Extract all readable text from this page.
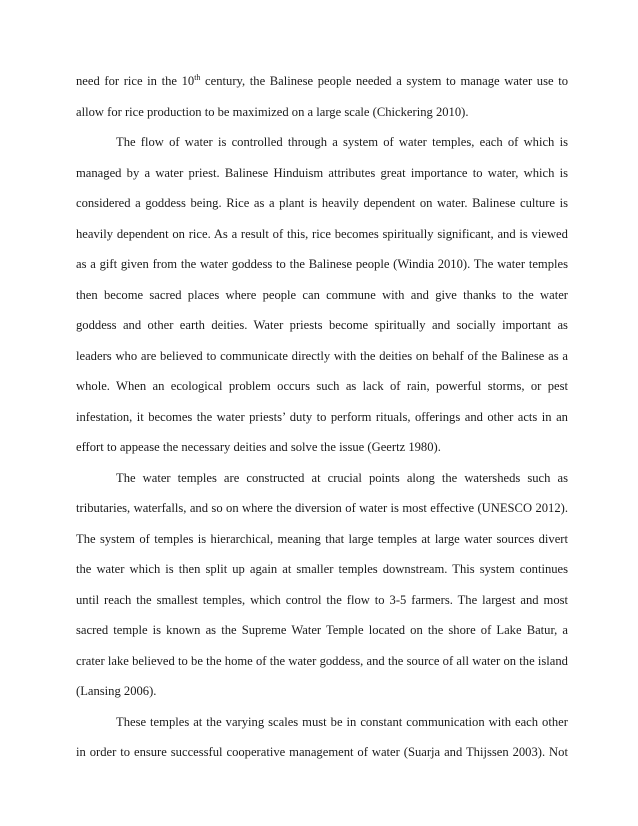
need for rice in the 10th century, the Balinese people needed a system to manage water use to
allow for rice production to be maximized on a large scale (Chickering 2010).
The flow of water is controlled through a system of water temples, each of which is
managed by a water priest. Balinese Hinduism attributes great importance to water, which is
considered a goddess being. Rice as a plant is heavily dependent on water. Balinese culture is
heavily dependent on rice. As a result of this, rice becomes spiritually significant, and is viewed
as a gift given from the water goddess to the Balinese people (Windia 2010). The water temples
then become sacred places where people can commune with and give thanks to the water
goddess and other earth deities. Water priests become spiritually and socially important as
leaders who are believed to communicate directly with the deities on behalf of the Balinese as a
whole. When an ecological problem occurs such as lack of rain, powerful storms, or pest
infestation, it becomes the water priests’ duty to perform rituals, offerings and other acts in an
effort to appease the necessary deities and solve the issue (Geertz 1980).
The water temples are constructed at crucial points along the watersheds such as
tributaries, waterfalls, and so on where the diversion of water is most effective (UNESCO 2012).
The system of temples is hierarchical, meaning that large temples at large water sources divert
the water which is then split up again at smaller temples downstream. This system continues
until reach the smallest temples, which control the flow to 3-5 farmers. The largest and most
sacred temple is known as the Supreme Water Temple located on the shore of Lake Batur, a
crater lake believed to be the home of the water goddess, and the source of all water on the island
(Lansing 2006).
These temples at the varying scales must be in constant communication with each other
in order to ensure successful cooperative management of water (Suarja and Thijssen 2003). Not
